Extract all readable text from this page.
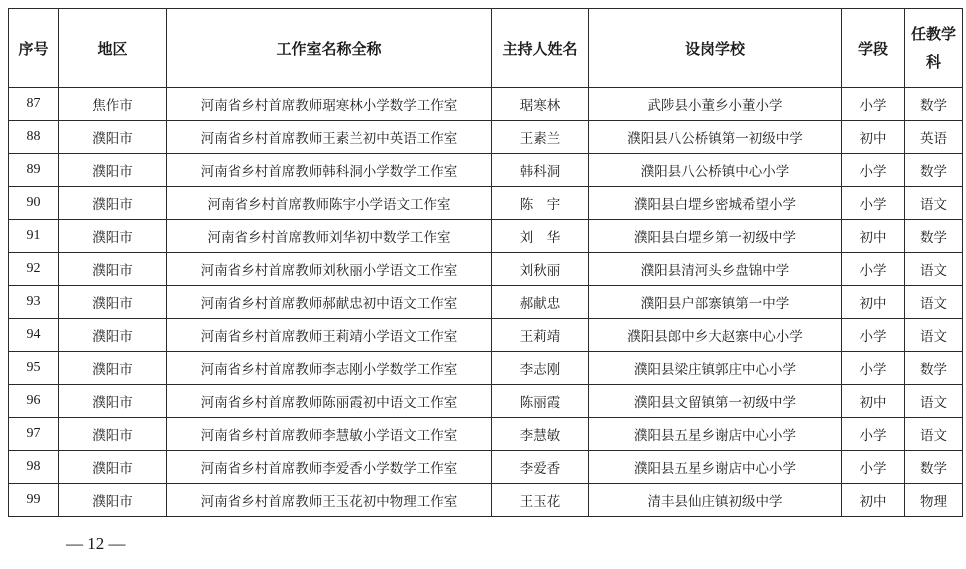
序号	地区	工作室名称全称	主持人姓名	设岗学校	学段	任教学科
87	焦作市	河南省乡村首席教师琚寒林小学数学工作室	琚寒林	武陟县小董乡小董小学	小学	数学
88	濮阳市	河南省乡村首席教师王素兰初中英语工作室	王素兰	濮阳县八公桥镇第一初级中学	初中	英语
89	濮阳市	河南省乡村首席教师韩科洞小学数学工作室	韩科洞	濮阳县八公桥镇中心小学	小学	数学
90	濮阳市	河南省乡村首席教师陈宇小学语文工作室	陈　宇	濮阳县白堽乡密城希望小学	小学	语文
91	濮阳市	河南省乡村首席教师刘华初中数学工作室	刘　华	濮阳县白堽乡第一初级中学	初中	数学
92	濮阳市	河南省乡村首席教师刘秋丽小学语文工作室	刘秋丽	濮阳县清河头乡盘锦中学	小学	语文
93	濮阳市	河南省乡村首席教师郝献忠初中语文工作室	郝献忠	濮阳县户部寨镇第一中学	初中	语文
94	濮阳市	河南省乡村首席教师王莉靖小学语文工作室	王莉靖	濮阳县郎中乡大赵寨中心小学	小学	语文
95	濮阳市	河南省乡村首席教师李志刚小学数学工作室	李志刚	濮阳县梁庄镇郭庄中心小学	小学	数学
96	濮阳市	河南省乡村首席教师陈丽霞初中语文工作室	陈丽霞	濮阳县文留镇第一初级中学	初中	语文
97	濮阳市	河南省乡村首席教师李慧敏小学语文工作室	李慧敏	濮阳县五星乡谢店中心小学	小学	语文
98	濮阳市	河南省乡村首席教师李爱香小学数学工作室	李爱香	濮阳县五星乡谢店中心小学	小学	数学
99	濮阳市	河南省乡村首席教师王玉花初中物理工作室	王玉花	清丰县仙庄镇初级中学	初中	物理
— 12 —
